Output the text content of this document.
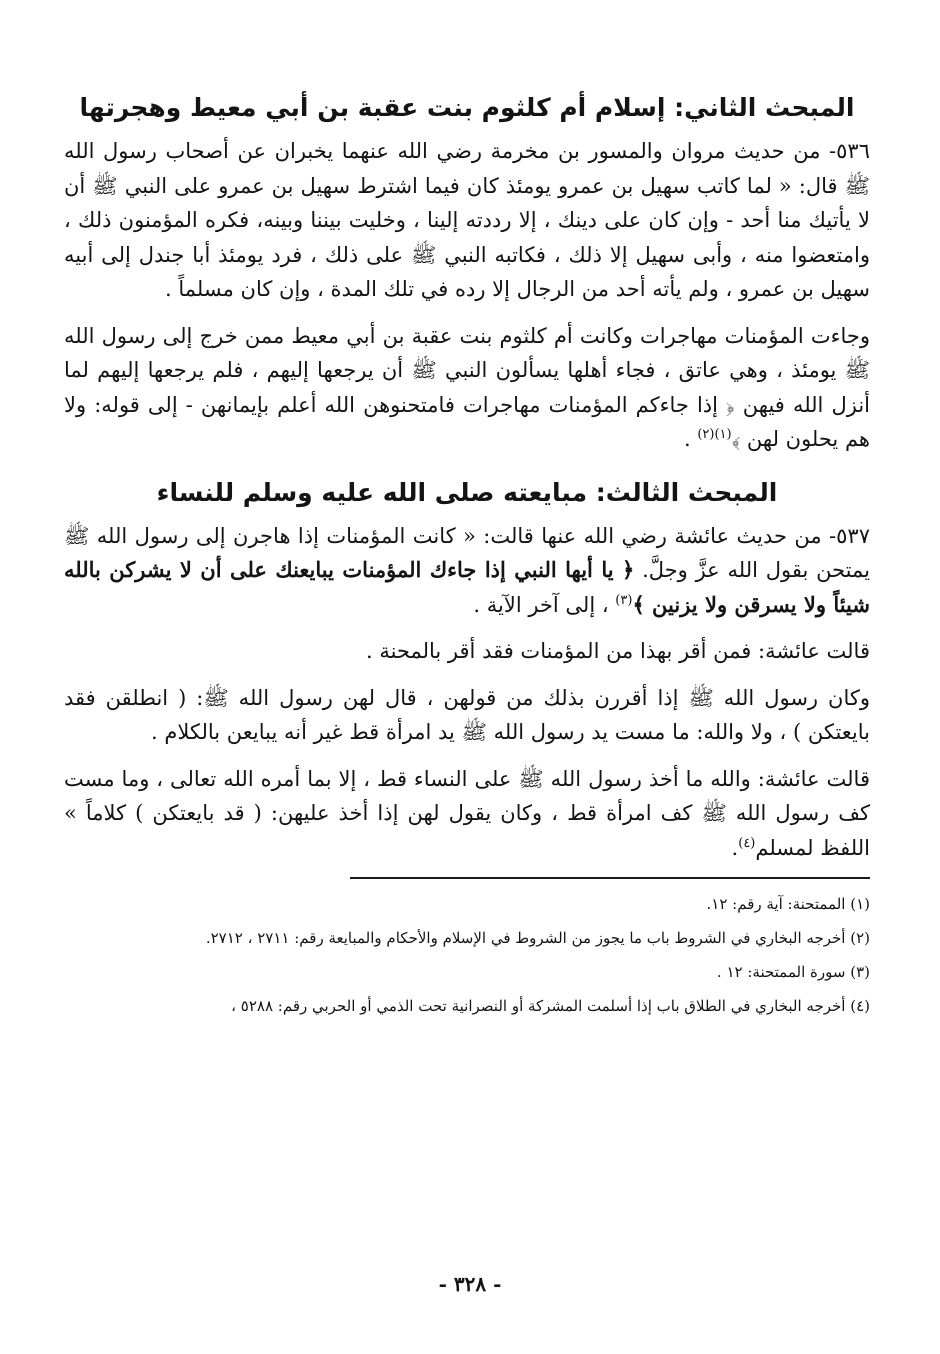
المبحث الثاني: إسلام أم كلثوم بنت عقبة بن أبي معيط وهجرتها

٥٣٦- من حديث مروان والمسور بن مخرمة رضي الله عنهما يخبران عن أصحاب رسول الله ﷺ قال: « لما كاتب سهيل بن عمرو يومئذ كان فيما اشترط سهيل بن عمرو على النبي ﷺ أن لا يأتيك منا أحد - وإن كان على دينك ، إلا رددته إلينا ، وخليت بيننا وبينه، فكره المؤمنون ذلك ، وامتعضوا منه ، وأبى سهيل إلا ذلك ، فكاتبه النبي ﷺ على ذلك ، فرد يومئذ أبا جندل إلى أبيه سهيل بن عمرو ، ولم يأته أحد من الرجال إلا رده في تلك المدة ، وإن كان مسلماً .

وجاءت المؤمنات مهاجرات وكانت أم كلثوم بنت عقبة بن أبي معيط ممن خرج إلى رسول الله ﷺ يومئذ ، وهي عاتق ، فجاء أهلها يسألون النبي ﷺ أن يرجعها إليهم ، فلم يرجعها إليهم لما أنزل الله فيهن ﴿ إذا جاءكم المؤمنات مهاجرات فامتحنوهن الله أعلم بإيمانهن - إلى قوله: ولا هم يحلون لهن ﴾$^{(١)(٢)}$ .

المبحث الثالث: مبايعته صلى الله عليه وسلم للنساء

٥٣٧- من حديث عائشة رضي الله عنها قالت: « كانت المؤمنات إذا هاجرن إلى رسول الله ﷺ يمتحن بقول الله عزَّ وجلَّ. ﴿ يا أيها النبي إذا جاءك المؤمنات يبايعنك على أن لا يشركن بالله شيئاً ولا يسرقن ولا يزنين ﴾$^{(٣)}$ ، إلى آخر الآية .

قالت عائشة: فمن أقر بهذا من المؤمنات فقد أقر بالمحنة .

وكان رسول الله ﷺ إذا أقررن بذلك من قولهن ، قال لهن رسول الله ﷺ: ( انطلقن فقد بايعتكن ) ، ولا والله: ما مست يد رسول الله ﷺ يد امرأة قط غير أنه يبايعن بالكلام .

قالت عائشة: والله ما أخذ رسول الله ﷺ على النساء قط ، إلا بما أمره الله تعالى ، وما مست كف رسول الله ﷺ كف امرأة قط ، وكان يقول لهن إذا أخذ عليهن: ( قد بايعتكن ) كلاماً » اللفظ لمسلم$^{(٤)}$.

(١) الممتحنة: آية رقم: ١٢.

(٢) أخرجه البخاري في الشروط باب ما يجوز من الشروط في الإسلام والأحكام والمبايعة رقم: ٢٧١١ ، ٢٧١٢.

(٣) سورة الممتحنة: ١٢ .

(٤) أخرجه البخاري في الطلاق باب إذا أسلمت المشركة أو النصرانية تحت الذمي أو الحربي رقم: ٥٢٨٨ ،

- ٣٢٨ -
